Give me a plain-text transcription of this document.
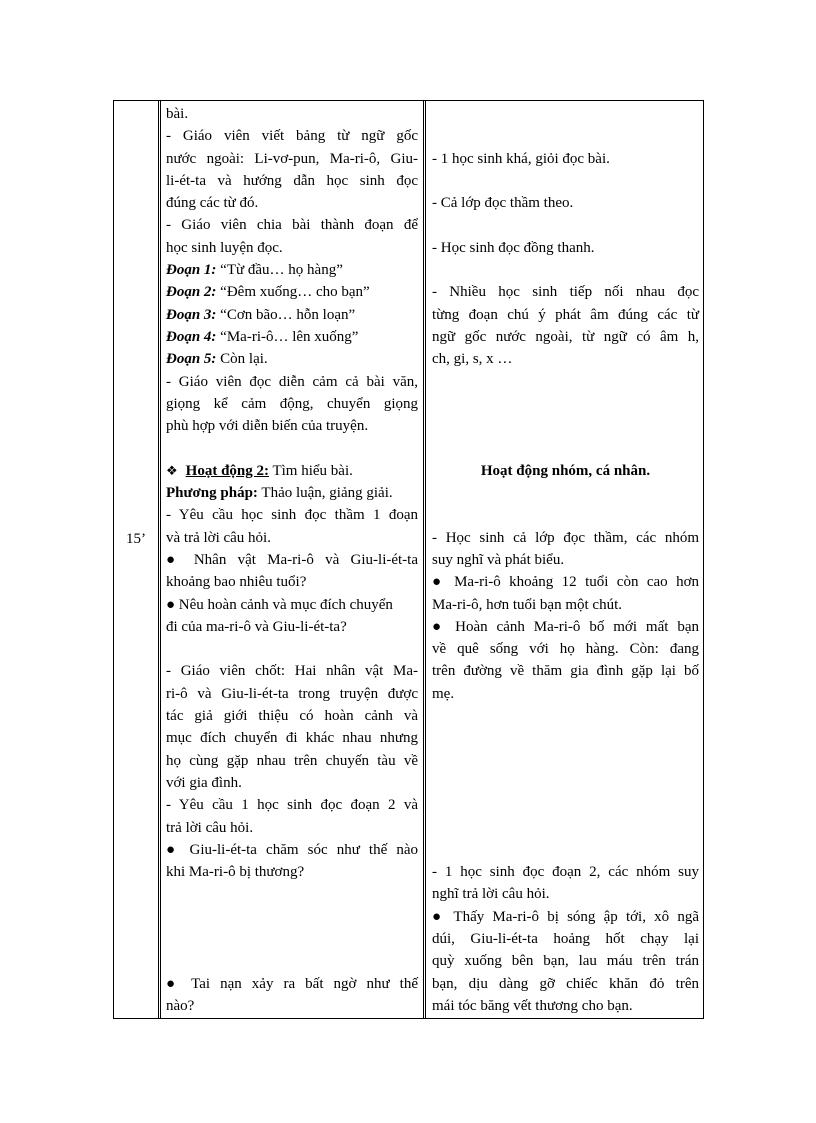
15’

bài.

- Giáo viên viết bảng từ ngữ gốc

nước ngoài: Li-vơ-pun, Ma-ri-ô, Giu-

li-ét-ta và hướng dẫn học sinh đọc

đúng các từ đó.

- Giáo viên chia bài thành đoạn để

học sinh luyện đọc.

Đoạn 1: “Từ đầu… họ hàng”

Đoạn 2: “Đêm xuống… cho bạn”

Đoạn 3: “Cơn bão… hỗn loạn”

Đoạn 4: “Ma-ri-ô… lên xuống”

Đoạn 5: Còn lại.

- Giáo viên đọc diễn cảm cả bài văn,

giọng kể cảm động, chuyển giọng

phù hợp với diễn biến của truyện.

❖ Hoạt động 2: Tìm hiểu bài.

Phương pháp: Thảo luận, giảng giải.

- Yêu cầu học sinh đọc thầm 1 đoạn

và trả lời câu hỏi.

● Nhân vật Ma-ri-ô và Giu-li-ét-ta

khoảng bao nhiêu tuổi?

● Nêu hoàn cảnh và mục đích chuyển

đi của ma-ri-ô và Giu-li-ét-ta?

- Giáo viên chốt: Hai nhân vật Ma-

ri-ô và Giu-li-ét-ta trong truyện được

tác giả giới thiệu có hoàn cảnh và

mục đích chuyển đi khác nhau nhưng

họ cùng gặp nhau trên chuyến tàu về

với gia đình.

- Yêu cầu 1 học sinh đọc đoạn 2 và

trả lời câu hỏi.

● Giu-li-ét-ta chăm sóc như thế nào

khi Ma-ri-ô bị thương?

● Tai nạn xảy ra bất ngờ như thế

nào?

- 1 học sinh khá, giỏi đọc bài.

- Cả lớp đọc thầm theo.

- Học sinh đọc đồng thanh.

- Nhiều học sinh tiếp nối nhau đọc

từng đoạn chú ý phát âm đúng các từ

ngữ gốc nước ngoài, từ ngữ có âm h,

ch, gi, s, x …

Hoạt động nhóm, cá nhân.

- Học sinh cả lớp đọc thầm, các nhóm

suy nghĩ và phát biểu.

● Ma-ri-ô khoảng 12 tuổi còn cao hơn

Ma-ri-ô, hơn tuổi bạn một chút.

● Hoàn cảnh Ma-ri-ô bố mới mất bạn

về quê sống với họ hàng. Còn: đang

trên đường về thăm gia đình gặp lại bố

mẹ.

- 1 học sinh đọc đoạn 2, các nhóm suy

nghĩ trả lời câu hỏi.

● Thấy Ma-ri-ô bị sóng ập tới, xô ngã

dúi, Giu-li-ét-ta hoảng hốt chạy lại

quỳ xuống bên bạn, lau máu trên trán

bạn, dịu dàng gỡ chiếc khăn đỏ trên

mái tóc băng vết thương cho bạn.
